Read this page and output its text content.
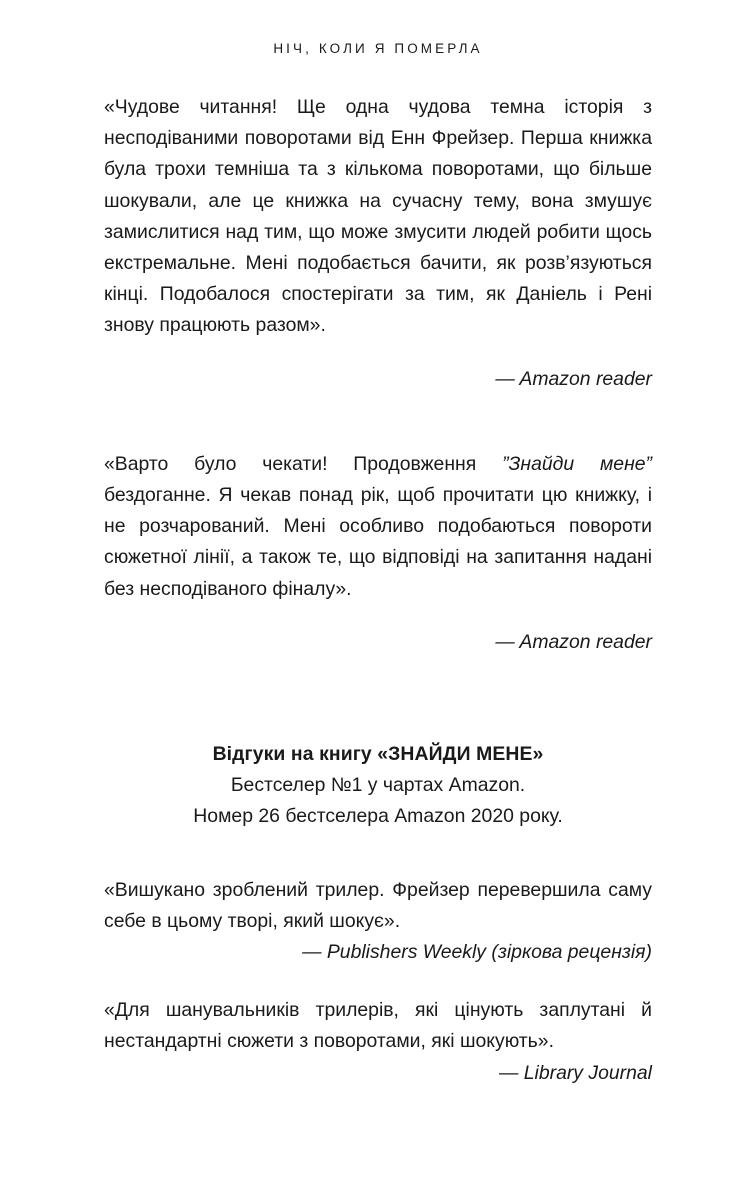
НІЧ, КОЛИ Я ПОМЕРЛА

«Чудове читання! Ще одна чудова темна історія з несподіваними поворотами від Енн Фрейзер. Перша книжка була трохи темніша та з кількома поворотами, що більше шокували, але це книжка на сучасну тему, вона змушує замислитися над тим, що може змусити людей робити щось екстремальне. Мені подобається бачити, як розв’язуються кінці. Подобалося спостерігати за тим, як Даніель і Рені знову працюють разом».

— Amazon reader

«Варто було чекати! Продовження ”Знайди мене” бездоганне. Я чекав понад рік, щоб прочитати цю книжку, і не розчарований. Мені особливо подобаються повороти сюжетної лінії, а також те, що відповіді на запитання надані без несподіваного фіналу».

— Amazon reader

Відгуки на книгу «ЗНАЙДИ МЕНЕ»
Бестселер №1 у чартах Amazon.
Номер 26 бестселера Amazon 2020 року.

«Вишукано зроблений трилер. Фрейзер перевершила саму себе в цьому творі, який шокує».

— Publishers Weekly (зіркова рецензія)

«Для шанувальників трилерів, які цінують заплутані й нестандартні сюжети з поворотами, які шокують».

— Library Journal
